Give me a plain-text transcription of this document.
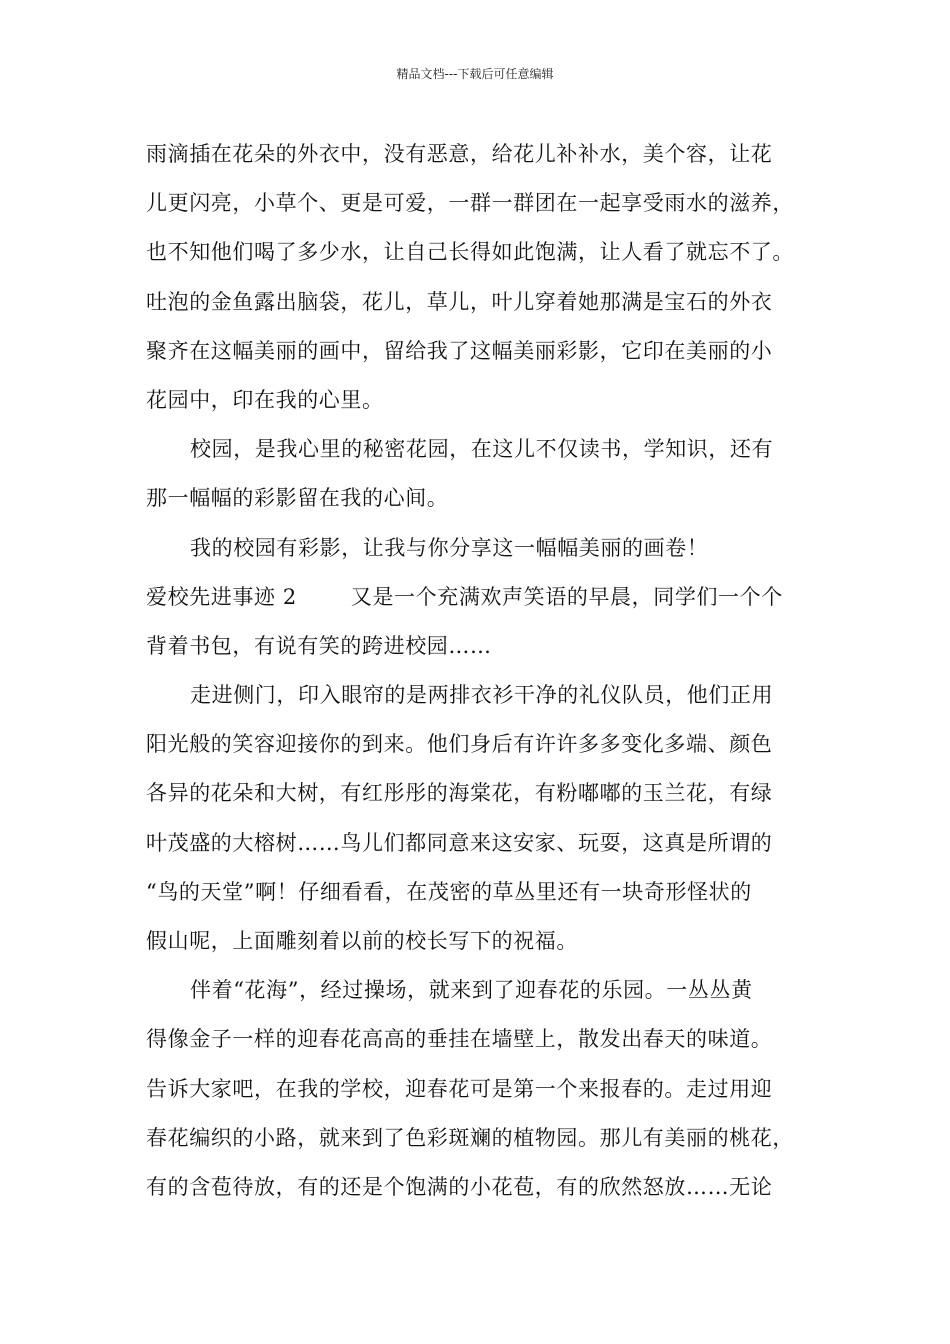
精品文档---下载后可任意编辑
雨滴插在花朵的外衣中，没有恶意，给花儿补补水，美个容，让花
儿更闪亮，小草个、更是可爱，一群一群团在一起享受雨水的滋养，
也不知他们喝了多少水，让自己长得如此饱满，让人看了就忘不了。
吐泡的金鱼露出脑袋，花儿，草儿，叶儿穿着她那满是宝石的外衣
聚齐在这幅美丽的画中，留给我了这幅美丽彩影，它印在美丽的小
花园中，印在我的心里。
校园，是我心里的秘密花园，在这儿不仅读书，学知识，还有
那一幅幅的彩影留在我的心间。
我的校园有彩影，让我与你分享这一幅幅美丽的画卷！
爱校先进事迹 2	又是一个充满欢声笑语的早晨，同学们一个个
背着书包，有说有笑的跨进校园……
走进侧门，印入眼帘的是两排衣衫干净的礼仪队员，他们正用
阳光般的笑容迎接你的到来。他们身后有许许多多变化多端、颜色
各异的花朵和大树，有红彤彤的海棠花，有粉嘟嘟的玉兰花，有绿
叶茂盛的大榕树……鸟儿们都同意来这安家、玩耍，这真是所谓的
“鸟的天堂”啊！仔细看看，在茂密的草丛里还有一块奇形怪状的
假山呢，上面雕刻着以前的校长写下的祝福。
伴着“花海”，经过操场，就来到了迎春花的乐园。一丛丛黄
得像金子一样的迎春花高高的垂挂在墙壁上，散发出春天的味道。
告诉大家吧，在我的学校，迎春花可是第一个来报春的。走过用迎
春花编织的小路，就来到了色彩斑斓的植物园。那儿有美丽的桃花，
有的含苞待放，有的还是个饱满的小花苞，有的欣然怒放……无论
